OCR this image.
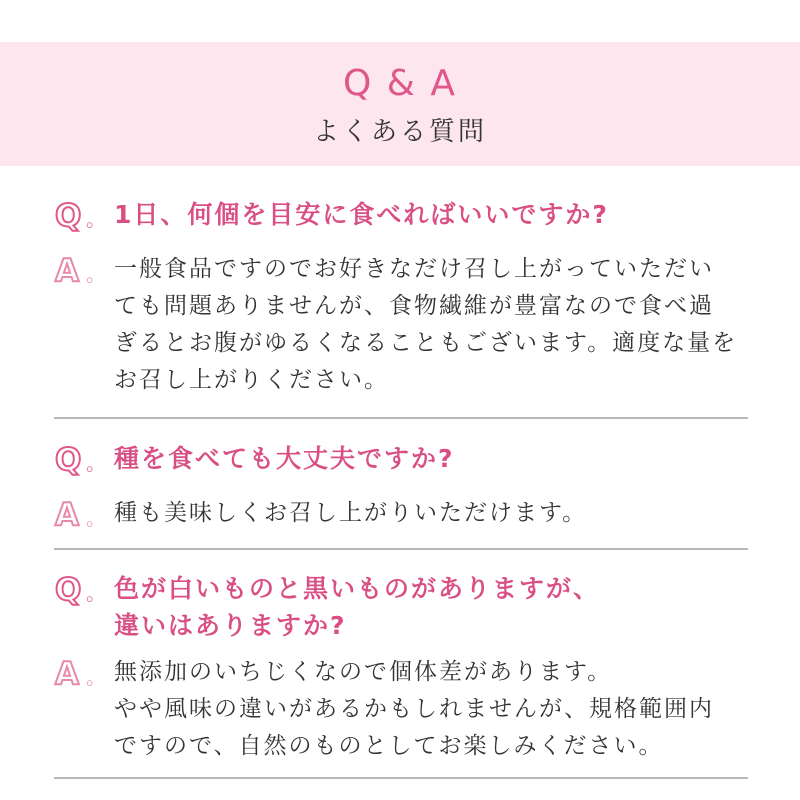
Q & A
よくある質問
Q 。 1日、何個を目安に食べればいいですか?
A 。 一般食品ですのでお好きなだけ召し上がっていただい
ても問題ありませんが、食物繊維が豊富なので食べ過
ぎるとお腹がゆるくなることもございます。適度な量を
お召し上がりください。
Q 。 種を食べても大丈夫ですか?
A 。 種も美味しくお召し上がりいただけます。
Q 。 色が白いものと黒いものがありますが、
違いはありますか?
A 。 無添加のいちじくなので個体差があります。
やや風味の違いがあるかもしれませんが、規格範囲内
ですので、自然のものとしてお楽しみください。
